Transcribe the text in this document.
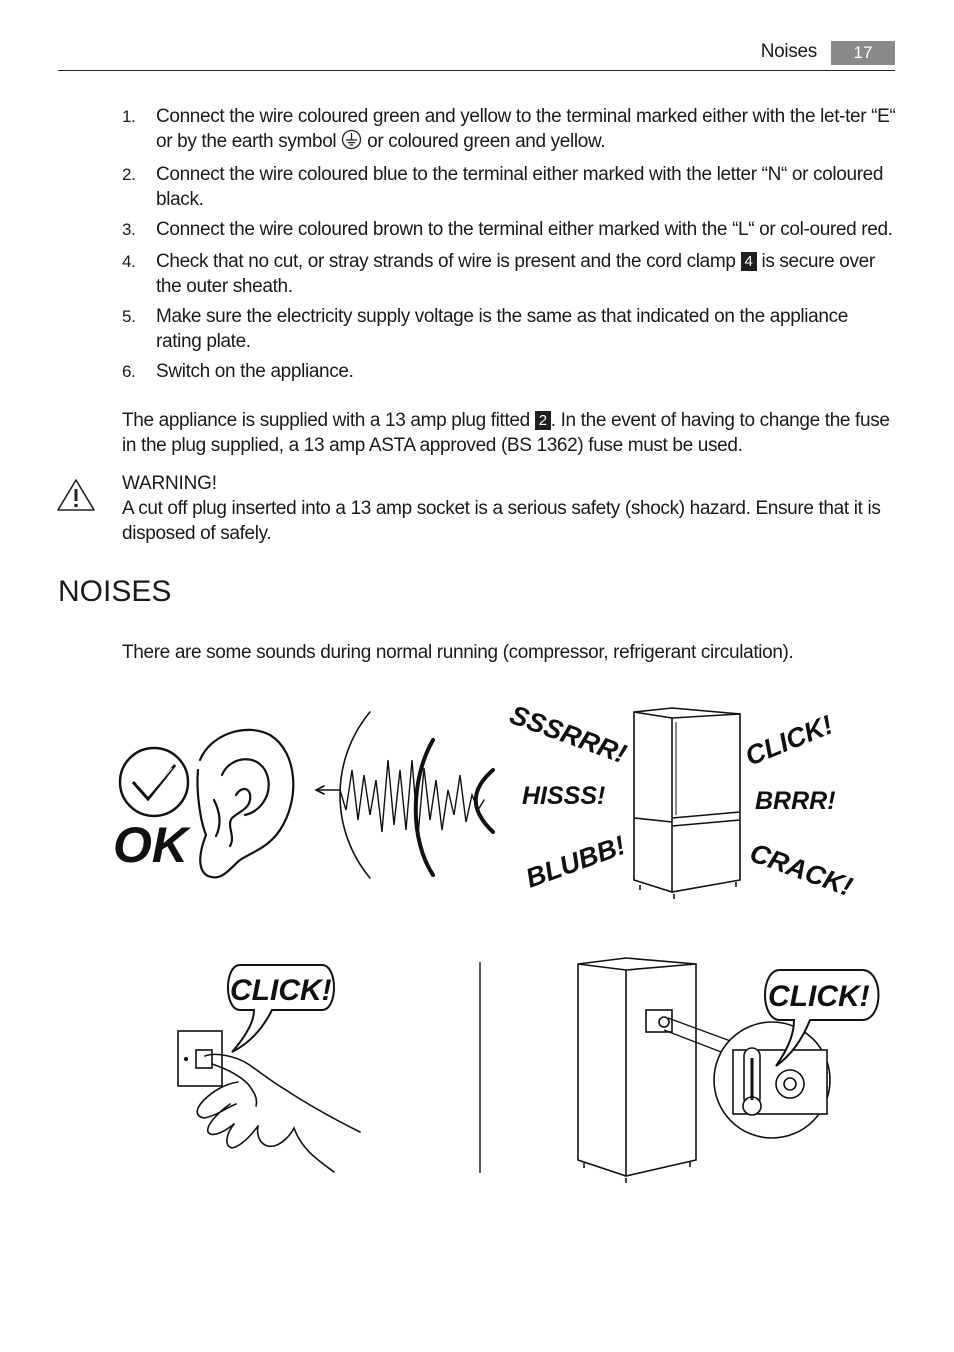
Noises	17
1. Connect the wire coloured green and yellow to the terminal marked either with the let-ter “E“ or by the earth symbol or coloured green and yellow.
2. Connect the wire coloured blue to the terminal either marked with the letter “N“ or coloured black.
3. Connect the wire coloured brown to the terminal either marked with the “L“ or col-oured red.
4. Check that no cut, or stray strands of wire is present and the cord clamp 4 is secure over the outer sheath.
5. Make sure the electricity supply voltage is the same as that indicated on the appliance rating plate.
6. Switch on the appliance.

The appliance is supplied with a 13 amp plug fitted 2 . In the event of having to change the fuse in the plug supplied, a 13 amp ASTA approved (BS 1362) fuse must be used.

WARNING!

A cut off plug inserted into a 13 amp socket is a serious safety (shock) hazard. Ensure that it is disposed of safely.

NOISES

There are some sounds during normal running (compressor, refrigerant circulation).

OK
SSSRRR!
HISSS!
BLUBB!
CLICK!
BRRR!
CRACK!
CLICK!	CLICK!
